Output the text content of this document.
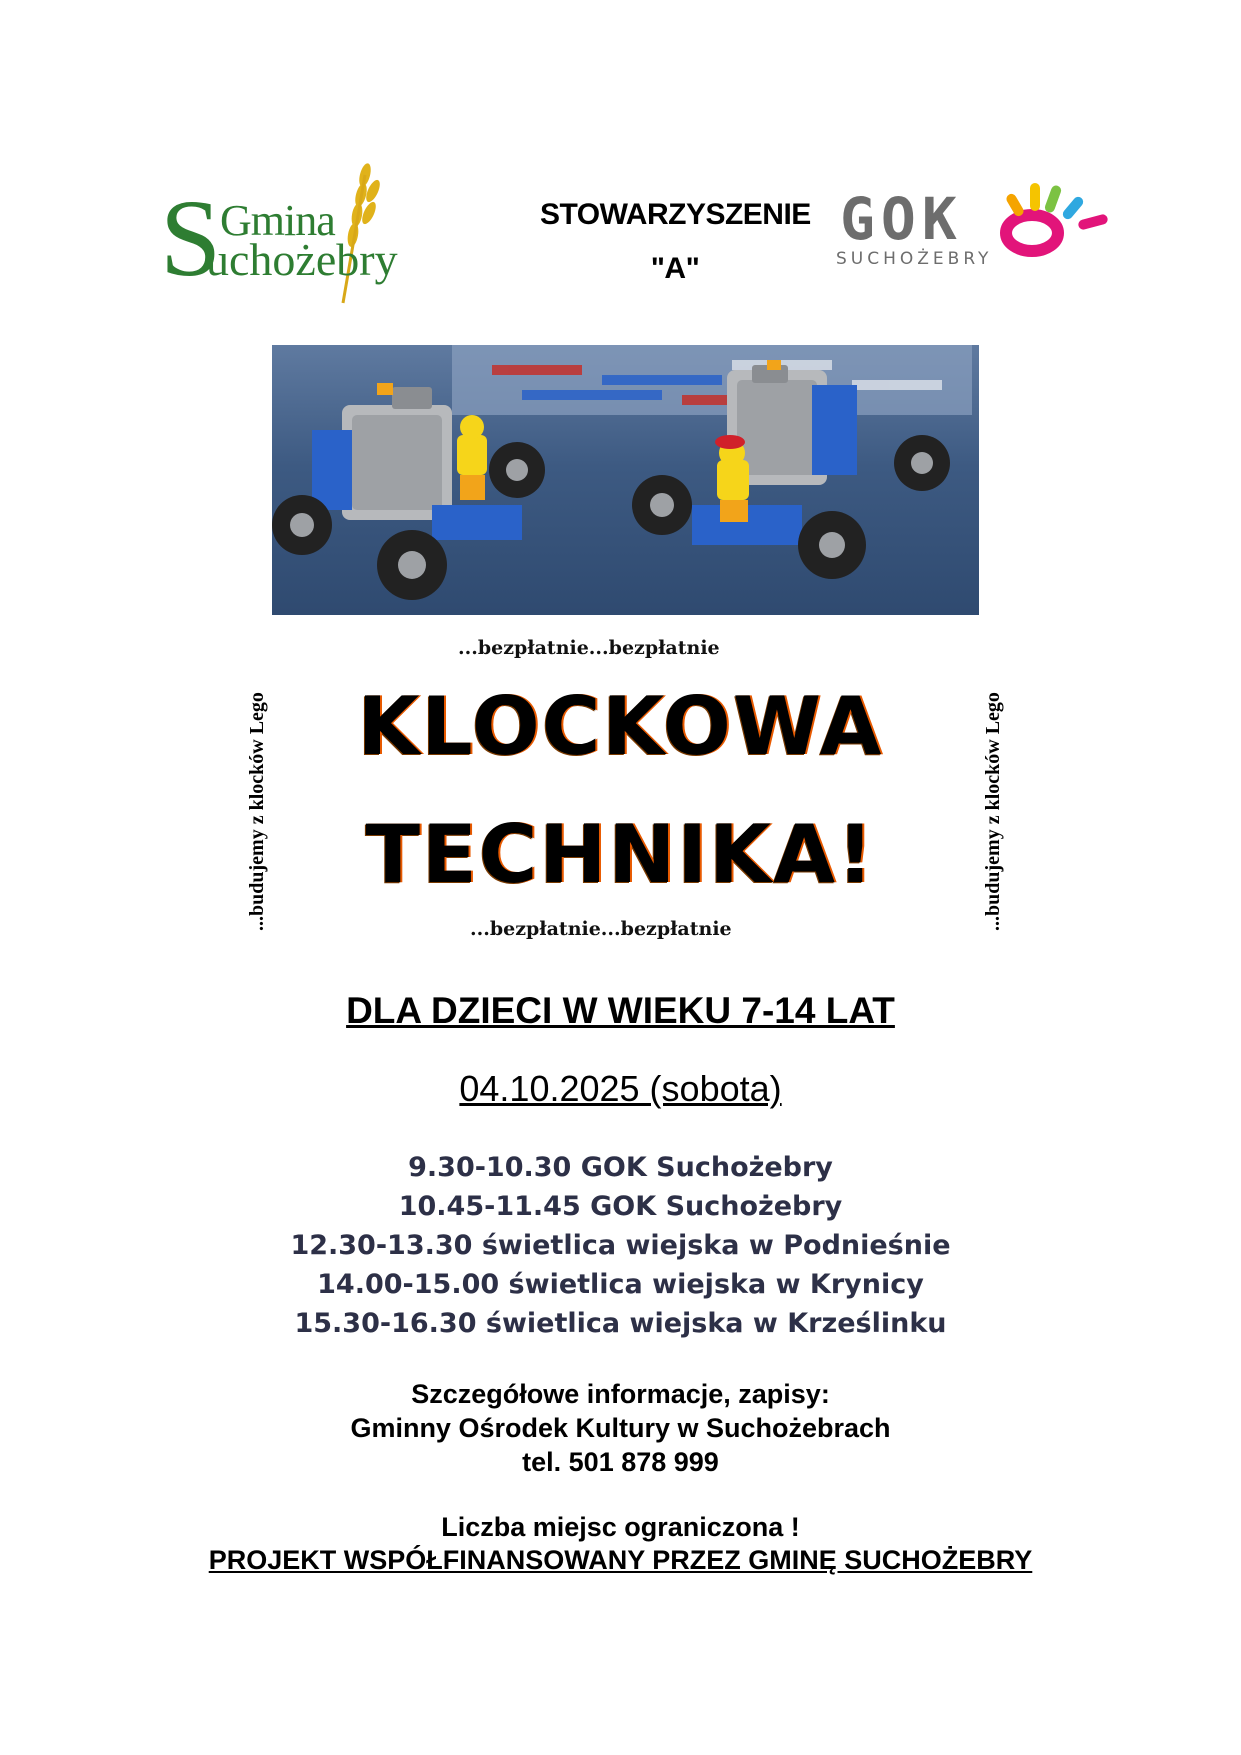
S
Gmina
uchożebry
STOWARZYSZENIE
"A"
GOK
SUCHOŻEBRY
...bezpłatnie...bezpłatnie
...budujemy z klocków Lego	...budujemy z klocków Lego
KLOCKOWA
TECHNIKA!
...bezpłatnie...bezpłatnie
DLA DZIECI W WIEKU 7-14 LAT
04.10.2025 (sobota)
9.30-10.30 GOK Suchożebry
10.45-11.45 GOK Suchożebry
12.30-13.30 świetlica wiejska w Podnieśnie
14.00-15.00 świetlica wiejska w Krynicy
15.30-16.30 świetlica wiejska w Krześlinku
Szczegółowe informacje, zapisy:
Gminny Ośrodek Kultury w Suchożebrach
tel. 501 878 999
Liczba miejsc ograniczona !
PROJEKT WSPÓŁFINANSOWANY PRZEZ GMINĘ SUCHOŻEBRY
